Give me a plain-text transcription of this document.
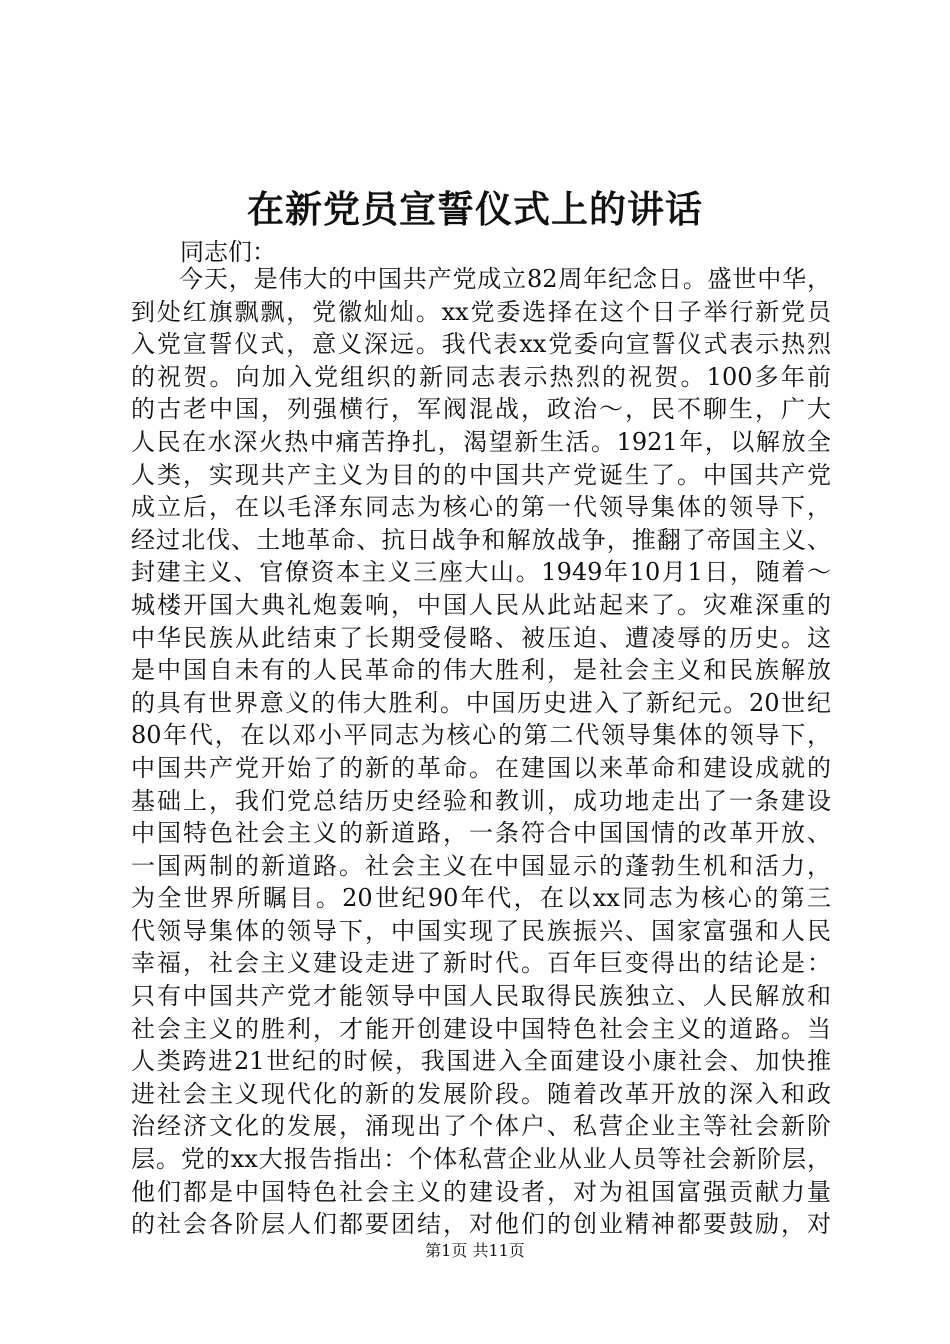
在新党员宣誓仪式上的讲话
同志们：
今天，是伟大的中国共产党成立82周年纪念日。盛世中华，
到处红旗飘飘，党徽灿灿。xx党委选择在这个日子举行新党员
入党宣誓仪式，意义深远。我代表xx党委向宣誓仪式表示热烈
的祝贺。向加入党组织的新同志表示热烈的祝贺。100多年前
的古老中国，列强横行，军阀混战，政治～，民不聊生，广大
人民在水深火热中痛苦挣扎，渴望新生活。1921年，以解放全
人类，实现共产主义为目的的中国共产党诞生了。中国共产党
成立后，在以毛泽东同志为核心的第一代领导集体的领导下，
经过北伐、土地革命、抗日战争和解放战争，推翻了帝国主义、
封建主义、官僚资本主义三座大山。1949年10月1日，随着～
城楼开国大典礼炮轰响，中国人民从此站起来了。灾难深重的
中华民族从此结束了长期受侵略、被压迫、遭凌辱的历史。这
是中国自未有的人民革命的伟大胜利，是社会主义和民族解放
的具有世界意义的伟大胜利。中国历史进入了新纪元。20世纪
80年代，在以邓小平同志为核心的第二代领导集体的领导下，
中国共产党开始了的新的革命。在建国以来革命和建设成就的
基础上，我们党总结历史经验和教训，成功地走出了一条建设
中国特色社会主义的新道路，一条符合中国国情的改革开放、
一国两制的新道路。社会主义在中国显示的蓬勃生机和活力，
为全世界所瞩目。20世纪90年代，在以xx同志为核心的第三
代领导集体的领导下，中国实现了民族振兴、国家富强和人民
幸福，社会主义建设走进了新时代。百年巨变得出的结论是：
只有中国共产党才能领导中国人民取得民族独立、人民解放和
社会主义的胜利，才能开创建设中国特色社会主义的道路。当
人类跨进21世纪的时候，我国进入全面建设小康社会、加快推
进社会主义现代化的新的发展阶段。随着改革开放的深入和政
治经济文化的发展，涌现出了个体户、私营企业主等社会新阶
层。党的xx大报告指出：个体私营企业从业人员等社会新阶层，
他们都是中国特色社会主义的建设者，对为祖国富强贡献力量
的社会各阶层人们都要团结，对他们的创业精神都要鼓励，对
第1页 共11页
